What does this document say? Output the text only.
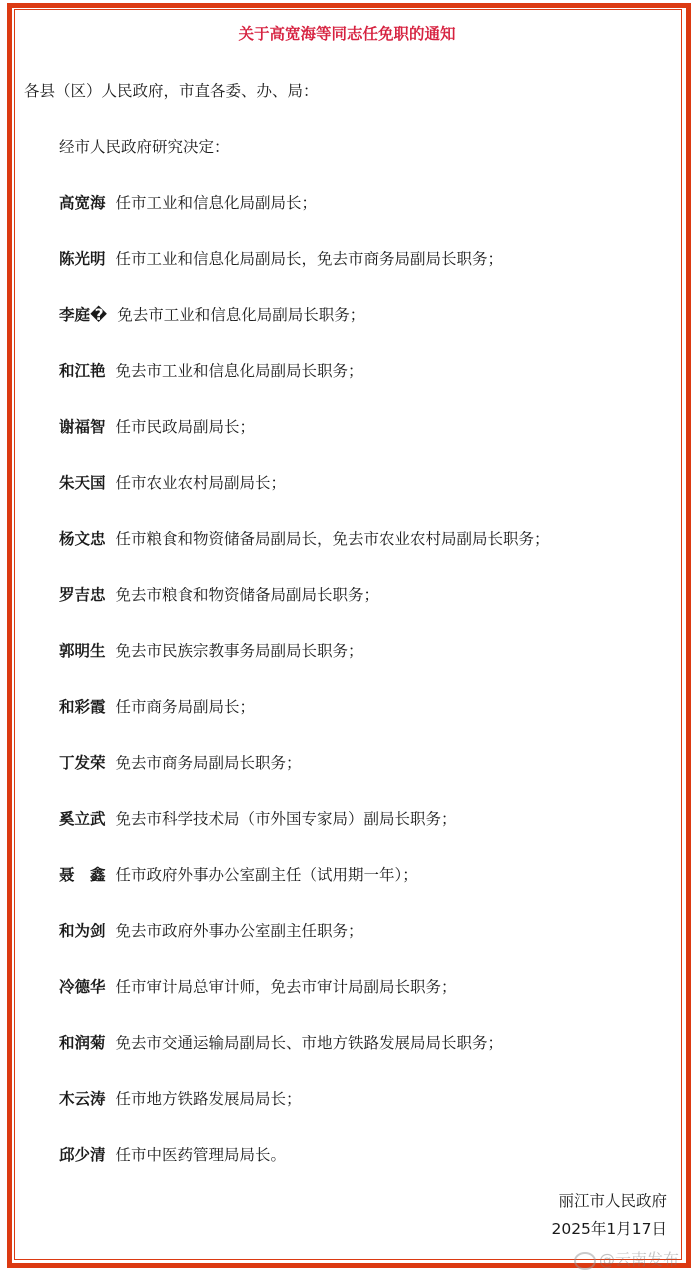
关于高宽海等同志任免职的通知
各县（区）人民政府，市直各委、办、局：
经市人民政府研究决定：
高宽海 任市工业和信息化局副局长；
陈光明 任市工业和信息化局副局长，免去市商务局副局长职务；
李庭� 免去市工业和信息化局副局长职务；
和江艳 免去市工业和信息化局副局长职务；
谢福智 任市民政局副局长；
朱天国 任市农业农村局副局长；
杨文忠 任市粮食和物资储备局副局长，免去市农业农村局副局长职务；
罗吉忠 免去市粮食和物资储备局副局长职务；
郭明生 免去市民族宗教事务局副局长职务；
和彩霞 任市商务局副局长；
丁发荣 免去市商务局副局长职务；
奚立武 免去市科学技术局（市外国专家局）副局长职务；
聂　鑫 任市政府外事办公室副主任（试用期一年）；
和为剑 免去市政府外事办公室副主任职务；
冷德华 任市审计局总审计师，免去市审计局副局长职务；
和润菊 免去市交通运输局副局长、市地方铁路发展局局长职务；
木云涛 任市地方铁路发展局局长；
邱少清 任市中医药管理局局长。
丽江市人民政府
2025年1月17日
@云南发布
